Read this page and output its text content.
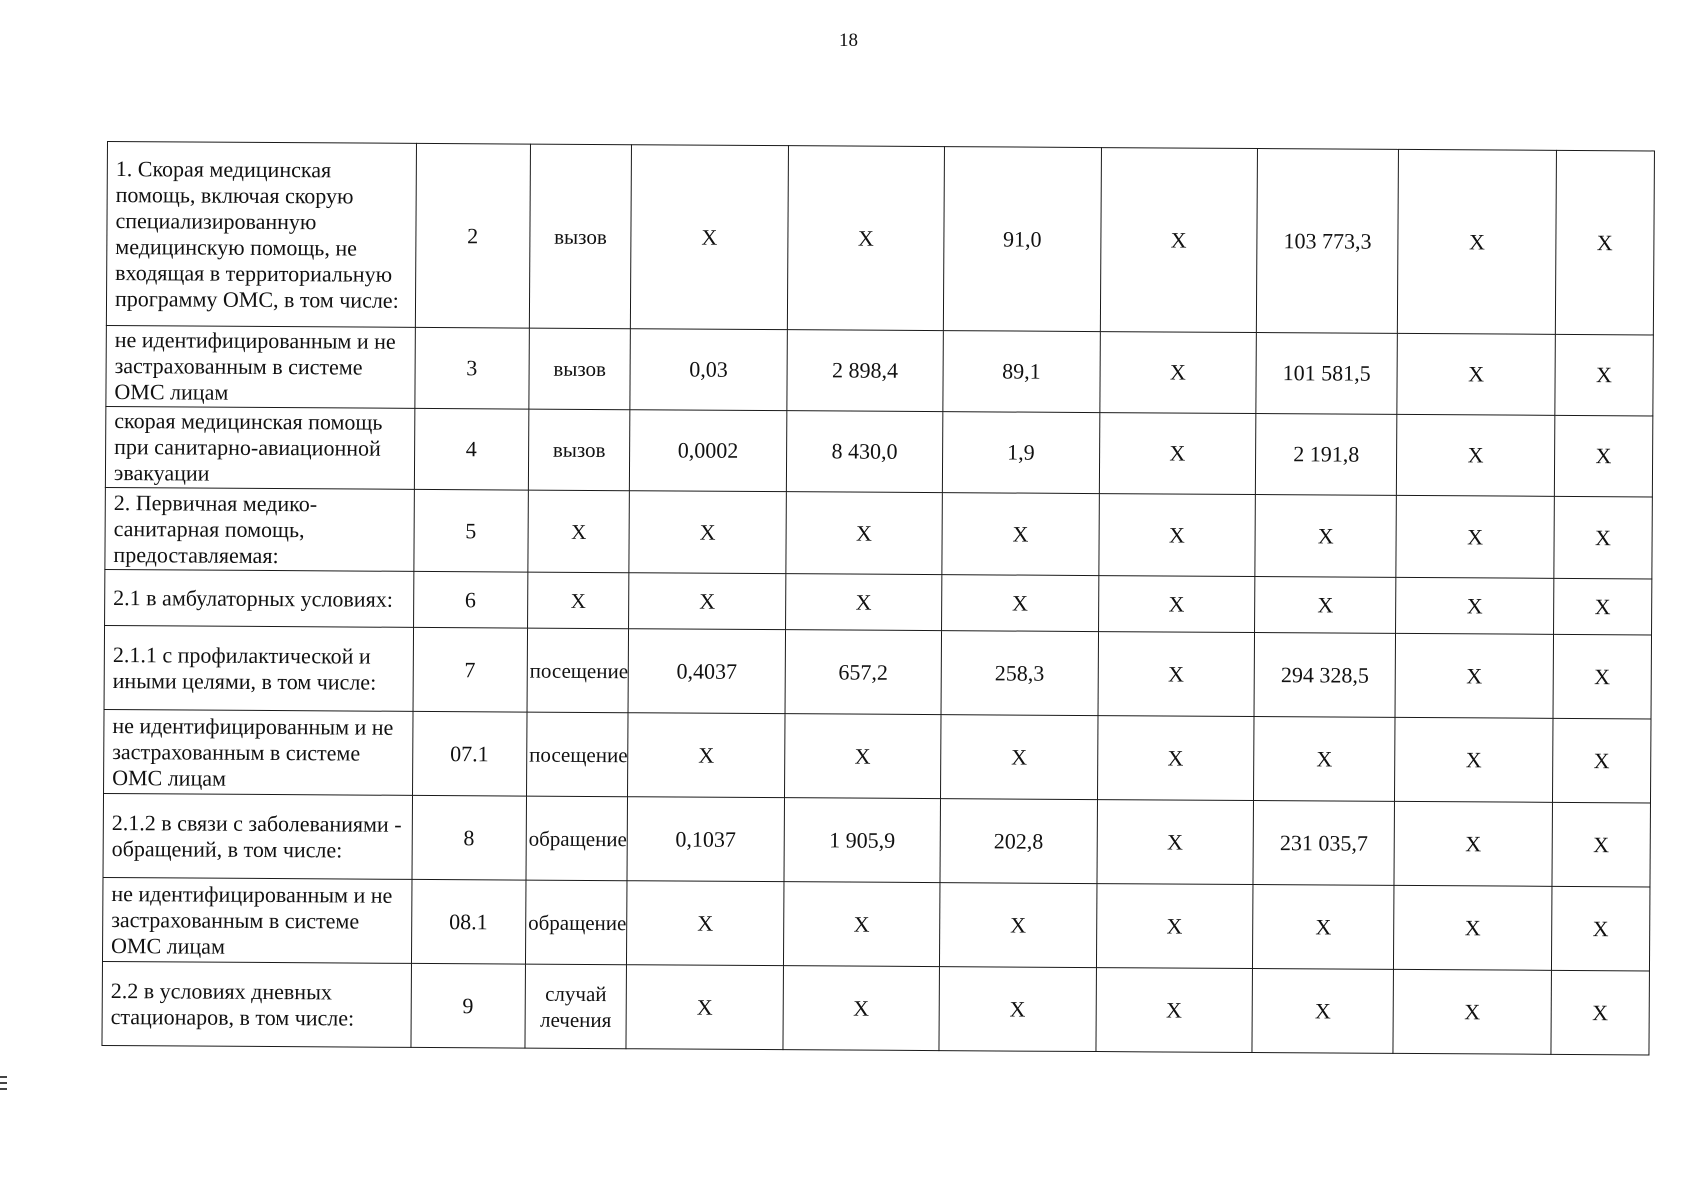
18
1. Скорая медицинская помощь, включая скорую специализированную медицинскую помощь, не входящая в территориальную программу ОМС, в том числе:	2	вызов	X	X	91,0	X	103 773,3	X	X
не идентифицированным и не застрахованным в системе ОМС лицам	3	вызов	0,03	2 898,4	89,1	X	101 581,5	X	X
скорая медицинская помощь при санитарно-авиационной эвакуации	4	вызов	0,0002	8 430,0	1,9	X	2 191,8	X	X
2. Первичная медико-санитарная помощь, предоставляемая:	5	X	X	X	X	X	X	X	X
2.1 в амбулаторных условиях:	6	X	X	X	X	X	X	X	X
2.1.1 с профилактической и иными целями, в том числе:	7	посещение	0,4037	657,2	258,3	X	294 328,5	X	X
не идентифицированным и не застрахованным в системе ОМС лицам	07.1	посещение	X	X	X	X	X	X	X
2.1.2 в связи с заболеваниями - обращений, в том числе:	8	обращение	0,1037	1 905,9	202,8	X	231 035,7	X	X
не идентифицированным и не застрахованным в системе ОМС лицам	08.1	обращение	X	X	X	X	X	X	X
2.2 в условиях дневных стационаров, в том числе:	9	случай лечения	X	X	X	X	X	X	X
